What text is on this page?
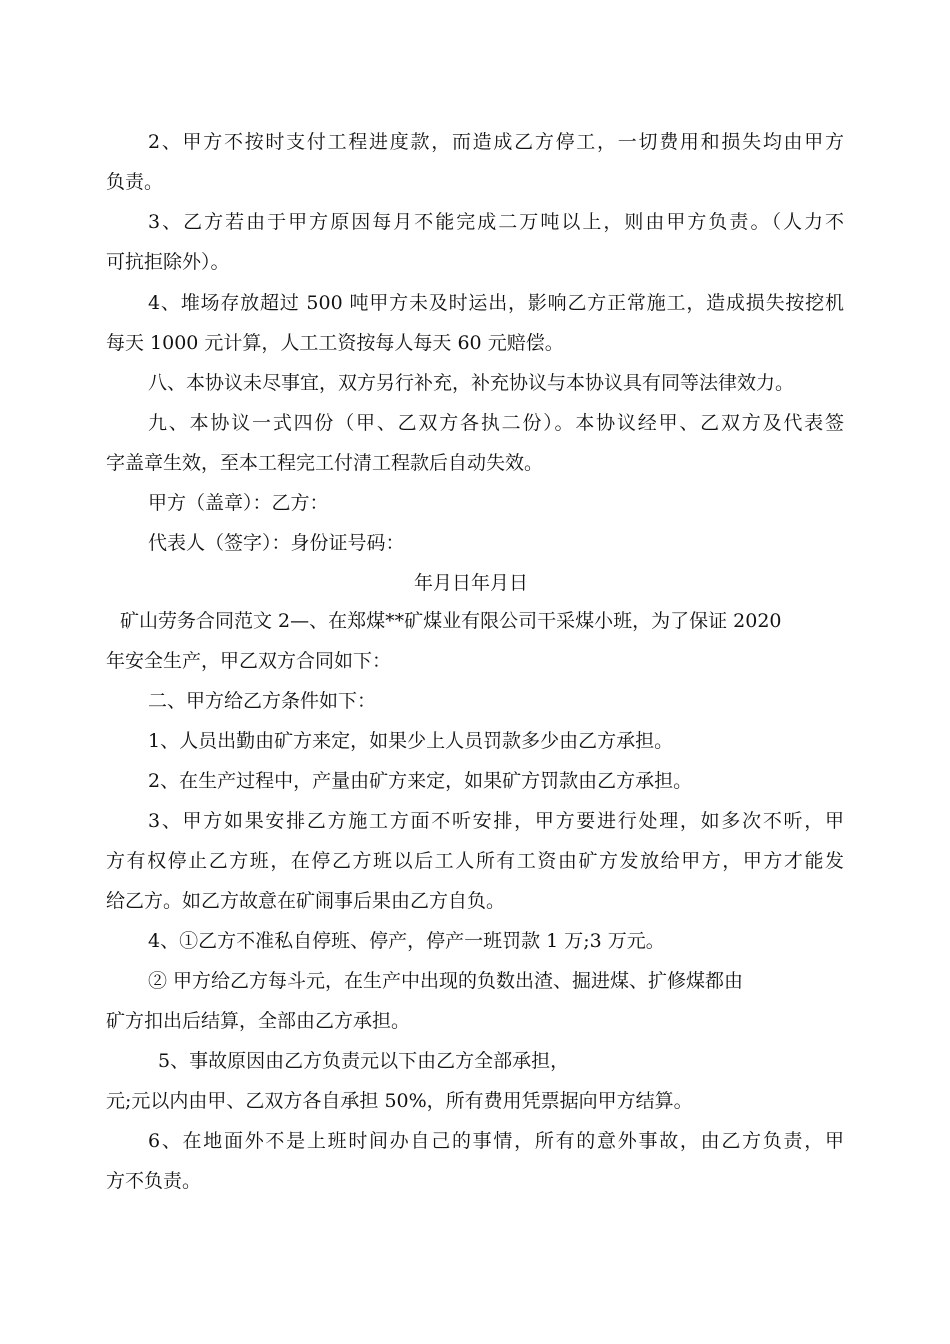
2、甲方不按时支付工程进度款，而造成乙方停工，一切费用和损失均由甲方
负责。
3、乙方若由于甲方原因每月不能完成二万吨以上，则由甲方负责。（人力不
可抗拒除外）。
4、堆场存放超过 500 吨甲方未及时运出，影响乙方正常施工，造成损失按挖机
每天 1000 元计算，人工工资按每人每天 60 元赔偿。
八、本协议未尽事宜，双方另行补充，补充协议与本协议具有同等法律效力。
九、本协议一式四份（甲、乙双方各执二份）。本协议经甲、乙双方及代表签
字盖章生效，至本工程完工付清工程款后自动失效。
甲方（盖章）：乙方：
代表人（签字）：身份证号码：
年月日年月日
矿山劳务合同范文 2—、在郑煤**矿煤业有限公司干采煤小班，为了保证 2020
年安全生产，甲乙双方合同如下：
二、甲方给乙方条件如下：
1、人员出勤由矿方来定，如果少上人员罚款多少由乙方承担。
2、在生产过程中，产量由矿方来定，如果矿方罚款由乙方承担。
3、甲方如果安排乙方施工方面不听安排，甲方要进行处理，如多次不听，甲
方有权停止乙方班，在停乙方班以后工人所有工资由矿方发放给甲方，甲方才能发
给乙方。如乙方故意在矿闹事后果由乙方自负。
4、①乙方不准私自停班、停产，停产一班罚款 1 万;3 万元。
② 甲方给乙方每斗元，在生产中出现的负数出渣、掘进煤、扩修煤都由
矿方扣出后结算，全部由乙方承担。
5、事故原因由乙方负责元以下由乙方全部承担，
元;元以内由甲、乙双方各自承担 50%，所有费用凭票据向甲方结算。
6、在地面外不是上班时间办自己的事情，所有的意外事故，由乙方负责，甲
方不负责。
